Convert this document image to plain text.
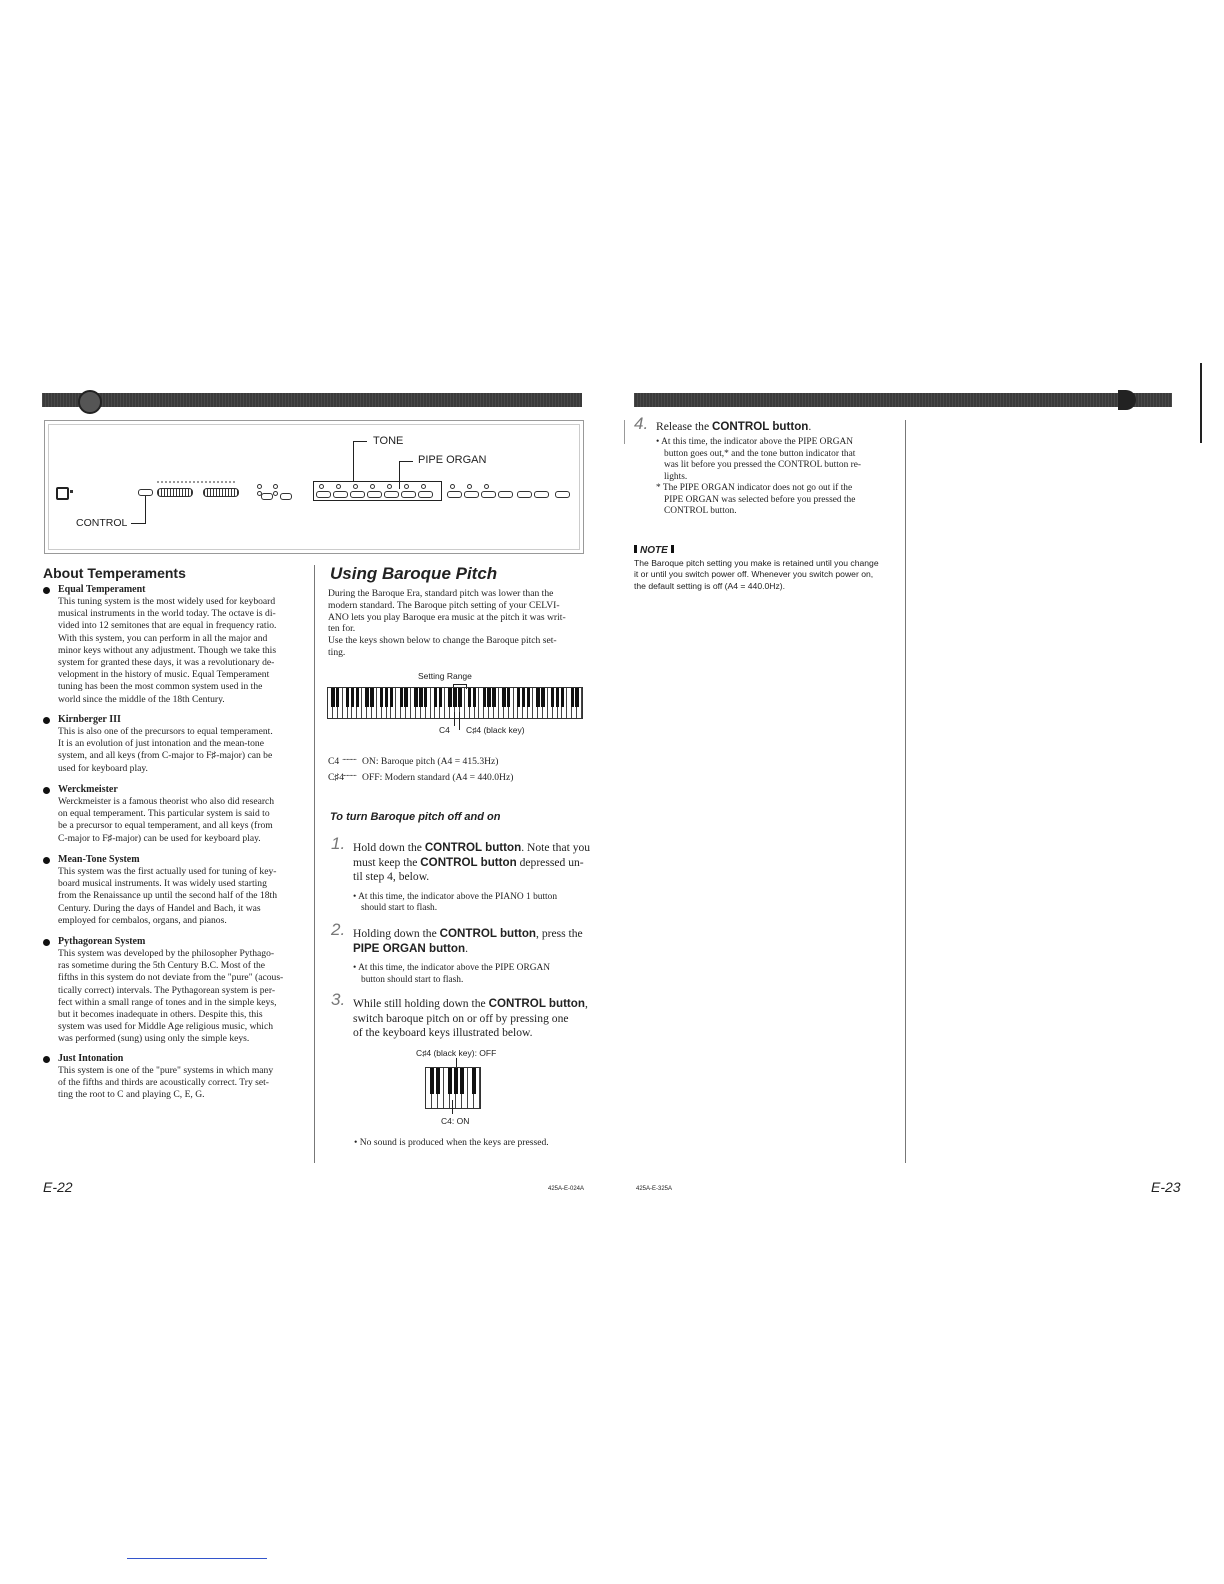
CONTROL
TONE
PIPE ORGAN
About Temperaments
Equal Temperament
This tuning system is the most widely used for keyboard
musical instruments in the world today. The octave is di-
vided into 12 semitones that are equal in frequency ratio.
With this system, you can perform in all the major and
minor keys without any adjustment. Though we take this
system for granted these days, it was a revolutionary de-
velopment in the history of music. Equal Temperament
tuning has been the most common system used in the
world since the middle of the 18th Century.
Kirnberger III
This is also one of the precursors to equal temperament.
It is an evolution of just intonation and the mean-tone
system, and all keys (from C-major to F♯-major) can be
used for keyboard play.
Werckmeister
Werckmeister is a famous theorist who also did research
on equal temperament. This particular system is said to
be a precursor to equal temperament, and all keys (from
C-major to F♯-major) can be used for keyboard play.
Mean-Tone System
This system was the first actually used for tuning of key-
board musical instruments. It was widely used starting
from the Renaissance up until the second half of the 18th
Century. During the days of Handel and Bach, it was
employed for cembalos, organs, and pianos.
Pythagorean System
This system was developed by the philosopher Pythago-
ras sometime during the 5th Century B.C. Most of the
fifths in this system do not deviate from the "pure" (acous-
tically correct) intervals. The Pythagorean system is per-
fect within a small range of tones and in the simple keys,
but it becomes inadequate in others. Despite this, this
system was used for Middle Age religious music, which
was performed (sung) using only the simple keys.
Just Intonation
This system is one of the "pure" systems in which many
of the fifths and thirds are acoustically correct. Try set-
ting the root to C and playing C, E, G.
Using Baroque Pitch
During the Baroque Era, standard pitch was lower than the
modern standard. The Baroque pitch setting of your CELVI-
ANO lets you play Baroque era music at the pitch it was writ-
ten for.
Use the keys shown below to change the Baroque pitch set-
ting.
Setting Range
C4 C♯4 (black key)
C4 .......... ON: Baroque pitch (A4 = 415.3Hz)
C♯4.......... OFF: Modern standard (A4 = 440.0Hz)
To turn Baroque pitch off and on
1. Hold down the CONTROL button. Note that you
must keep the CONTROL button depressed un-
til step 4, below.
• At this time, the indicator above the PIANO 1 button
should start to flash.
2. Holding down the CONTROL button, press the
PIPE ORGAN button.
• At this time, the indicator above the PIPE ORGAN
button should start to flash.
3. While still holding down the CONTROL button,
switch baroque pitch on or off by pressing one
of the keyboard keys illustrated below.
C♯4 (black key): OFF
C4: ON
• No sound is produced when the keys are pressed.
4. Release the CONTROL button.
• At this time, the indicator above the PIPE ORGAN
button goes out,* and the tone button indicator that
was lit before you pressed the CONTROL button re-
lights.
* The PIPE ORGAN indicator does not go out if the
PIPE ORGAN was selected before you pressed the
CONTROL button.
NOTE
The Baroque pitch setting you make is retained until you change
it or until you switch power off. Whenever you switch power on,
the default setting is off (A4 = 440.0Hz).
E-22	425A-E-024A	425A-E-325A	E-23
